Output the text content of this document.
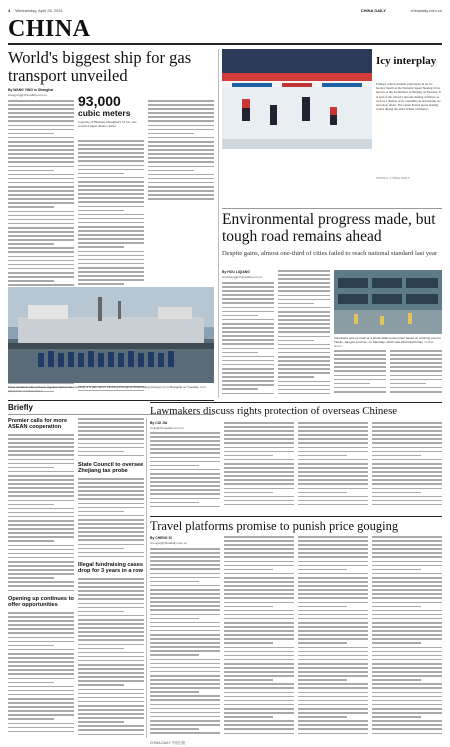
4 Wednesday, April 28, 2021	CHINA DAILY	chinadaily.com.cn
CHINA
World's biggest ship for gas transport unveiled
By WANG YING in Shanghai
wangying@chinadaily.com.cn 93,000
cubic meters
Capacity of Hudong-Zhonghua's VLGC, the world's largest ethane carrier
Crew members take pictures together before the unveiling of a gas carrier. Hudong-Zhonghua Shipbuilding (Group) Co in Shanghai on Tuesday. GAO ERQIANG / CHINA DAILY
Icy interplay
Primary school students participate in an ice hockey match at the National Speed Skating Oval, known as the Ice Ribbon, in Beijing on Tuesday. It is part of the school's ski-and-skating activities as well as a display of its capability in developing ice and snow talent. The venue hosted speed skating events during the 2022 Winter Olympics.
XINHUA / CHINA DAILY
Environmental progress made, but tough road remains ahead
Despite gains, almost one-third of cities failed to reach national standard last year
By HOU LIQIANG
houliqiang@chinadaily.com.cn
Volunteers pick up trash at a photovoltaic power plant based on a fishing pond in Tianjin, Jiangsu province, on Saturday, which was World Earth Day. CHINA DAILY
Briefly
Premier calls for more ASEAN cooperation
Opening up continues to offer opportunities
State Council to oversee Zhejiang tax probe
Illegal fundraising cases drop for 3 years in a row
Lawmakers discuss rights protection of overseas Chinese
By CUI JIA
cuijia@chinadaily.com.cn
Travel platforms promise to punish price gouging
By CHENG SI
chengsi@chinadaily.com.cn
CHINA DAILY 中国日报
